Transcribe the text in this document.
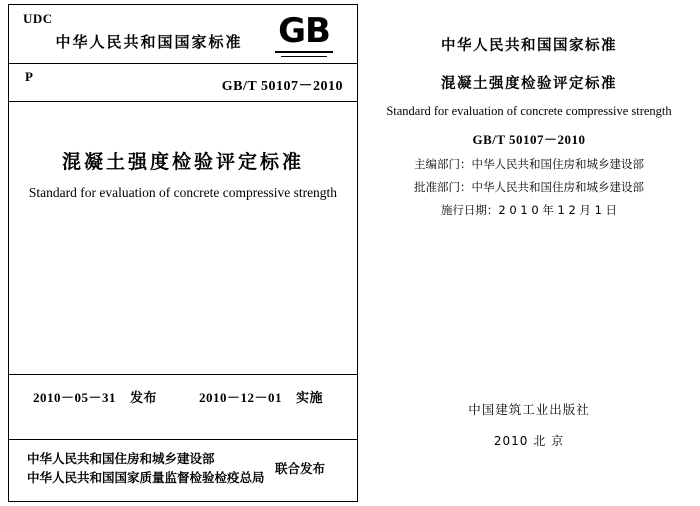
UDC
中华人民共和国国家标准	GB
P
GB/T 50107－2010
混凝土强度检验评定标准
Standard for evaluation of concrete compressive strength
2010－05－31 发布	2010－12－01 实施
中华人民共和国住房和城乡建设部
中华人民共和国国家质量监督检验检疫总局
联合发布
中华人民共和国国家标准
混凝土强度检验评定标准
Standard for evaluation of concrete compressive strength
GB/T 50107－2010
主编部门：中华人民共和国住房和城乡建设部
批准部门：中华人民共和国住房和城乡建设部
施行日期：2 0 1 0 年 1 2 月 1 日
中国建筑工业出版社
2010 北 京
